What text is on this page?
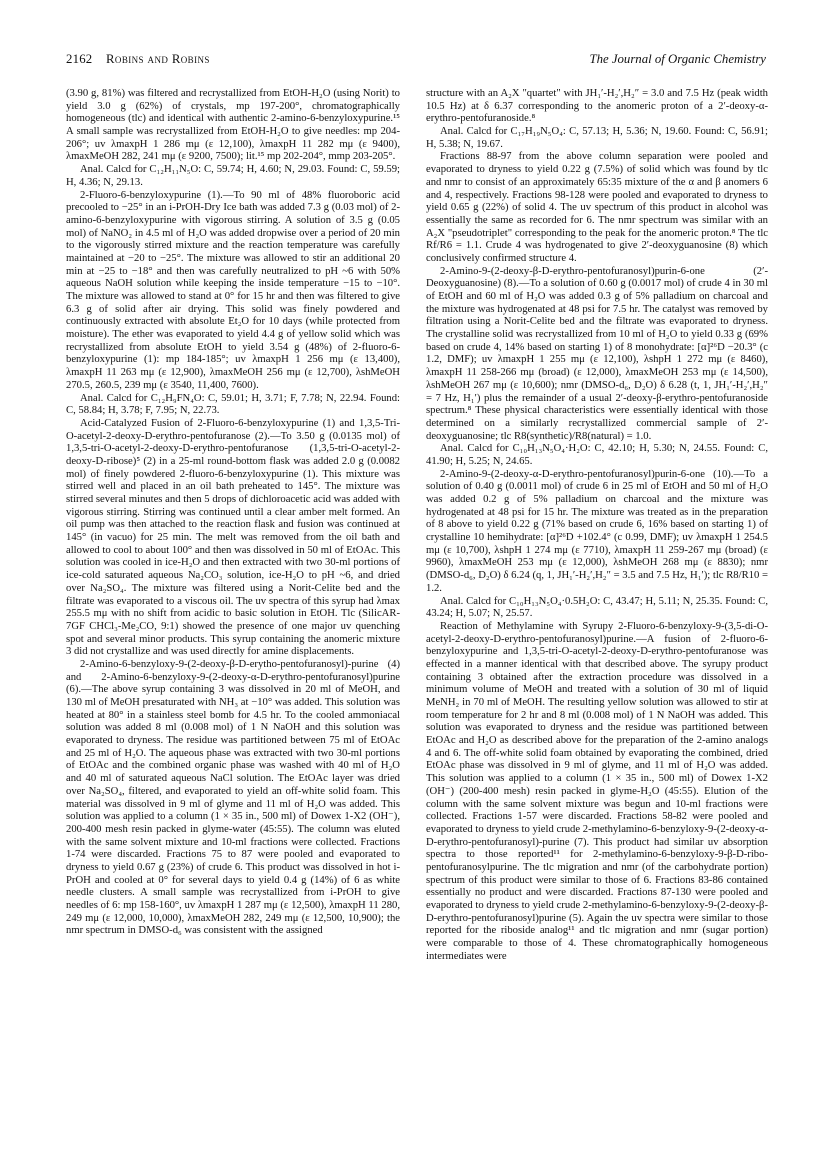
2162 Robins and Robins	The Journal of Organic Chemistry

(3.90 g, 81%) was filtered and recrystallized from EtOH-H₂O (using Norit) to yield 3.0 g (62%) of crystals, mp 197-200°, chromatographically homogeneous (tlc) and identical with authentic 2-amino-6-benzyloxypurine.¹⁵ A small sample was recrystallized from EtOH-H₂O to give needles: mp 204-206°; uv λmaxpH 1 286 mμ (ε 12,100), λmaxpH 11 282 mμ (ε 9400), λmaxMeOH 282, 241 mμ (ε 9200, 7500); lit.¹⁵ mp 202-204°, mmp 203-205°.

Anal. Calcd for C₁₂H₁₁N₅O: C, 59.74; H, 4.60; N, 29.03. Found: C, 59.59; H, 4.36; N, 29.13.

2-Fluoro-6-benzyloxypurine (1).—To 90 ml of 48% fluoroboric acid precooled to −25° in an i-PrOH-Dry Ice bath was added 7.3 g (0.03 mol) of 2-amino-6-benzyloxypurine with vigorous stirring. A solution of 3.5 g (0.05 mol) of NaNO₂ in 4.5 ml of H₂O was added dropwise over a period of 20 min to the vigorously stirred mixture and the reaction temperature was carefully maintained at −20 to −25°. The mixture was allowed to stir an additional 20 min at −25 to −18° and then was carefully neutralized to pH ~6 with 50% aqueous NaOH solution while keeping the inside temperature −15 to −10°. The mixture was allowed to stand at 0° for 15 hr and then was filtered to give 6.3 g of solid after air drying. This solid was finely powdered and continuously extracted with absolute Et₂O for 10 days (while protected from moisture). The ether was evaporated to yield 4.4 g of yellow solid which was recrystallized from absolute EtOH to yield 3.54 g (48%) of 2-fluoro-6-benzyloxypurine (1): mp 184-185°; uv λmaxpH 1 256 mμ (ε 13,400), λmaxpH 11 263 mμ (ε 12,900), λmaxMeOH 256 mμ (ε 12,700), λshMeOH 270.5, 260.5, 239 mμ (ε 3540, 11,400, 7600).

Anal. Calcd for C₁₂H₉FN₄O: C, 59.01; H, 3.71; F, 7.78; N, 22.94. Found: C, 58.84; H, 3.78; F, 7.95; N, 22.73.

Acid-Catalyzed Fusion of 2-Fluoro-6-benzyloxypurine (1) and 1,3,5-Tri-O-acetyl-2-deoxy-D-erythro-pentofuranose (2).—To 3.50 g (0.0135 mol) of 1,3,5-tri-O-acetyl-2-deoxy-D-erythro-pentofuranose (1,3,5-tri-O-acetyl-2-deoxy-D-ribose)⁵ (2) in a 25-ml round-bottom flask was added 2.0 g (0.0082 mol) of finely powdered 2-fluoro-6-benzyloxypurine (1). This mixture was stirred well and placed in an oil bath preheated to 145°. The mixture was stirred several minutes and then 5 drops of dichloroacetic acid was added with vigorous stirring. Stirring was continued until a clear amber melt formed. An oil pump was then attached to the reaction flask and fusion was continued at 145° (in vacuo) for 25 min. The melt was removed from the oil bath and allowed to cool to about 100° and then was dissolved in 50 ml of EtOAc. This solution was cooled in ice-H₂O and then extracted with two 30-ml portions of ice-cold saturated aqueous Na₂CO₃ solution, ice-H₂O to pH ~6, and dried over Na₂SO₄. The mixture was filtered using a Norit-Celite bed and the filtrate was evaporated to a viscous oil. The uv spectra of this syrup had λmax 255.5 mμ with no shift from acidic to basic solution in EtOH. Tlc (SilicAR-7GF CHCl₃-Me₂CO, 9:1) showed the presence of one major uv quenching spot and several minor products. This syrup containing the anomeric mixture 3 did not crystallize and was used directly for amine displacements.

2-Amino-6-benzyloxy-9-(2-deoxy-β-D-erytho-pentofuranosyl)-purine (4) and 2-Amino-6-benzyloxy-9-(2-deoxy-α-D-erythro-pentofuranosyl)purine (6).—The above syrup containing 3 was dissolved in 20 ml of MeOH, and 130 ml of MeOH presaturated with NH₃ at −10° was added. This solution was heated at 80° in a stainless steel bomb for 4.5 hr. To the cooled ammoniacal solution was added 8 ml (0.008 mol) of 1 N NaOH and this solution was evaporated to dryness. The residue was partitioned between 75 ml of EtOAc and 25 ml of H₂O. The aqueous phase was extracted with two 30-ml portions of EtOAc and the combined organic phase was washed with 40 ml of H₂O and 40 ml of saturated aqueous NaCl solution. The EtOAc layer was dried over Na₂SO₄, filtered, and evaporated to yield an off-white solid foam. This material was dissolved in 9 ml of glyme and 11 ml of H₂O was added. This solution was applied to a column (1 × 35 in., 500 ml) of Dowex 1-X2 (OH⁻), 200-400 mesh resin packed in glyme-water (45:55). The column was eluted with the same solvent mixture and 10-ml fractions were collected. Fractions 1-74 were discarded. Fractions 75 to 87 were pooled and evaporated to dryness to yield 0.67 g (23%) of crude 6. This product was dissolved in hot i-PrOH and cooled at 0° for several days to yield 0.4 g (14%) of 6 as white needle clusters. A small sample was recrystallized from i-PrOH to give needles of 6: mp 158-160°, uv λmaxpH 1 287 mμ (ε 12,500), λmaxpH 11 280, 249 mμ (ε 12,000, 10,000), λmaxMeOH 282, 249 mμ (ε 12,500, 10,900); the nmr spectrum in DMSO-d₆ was consistent with the assigned

structure with an A₂X "quartet" with JH₁′-H₂′,H₂″ = 3.0 and 7.5 Hz (peak width 10.5 Hz) at δ 6.37 corresponding to the anomeric proton of a 2′-deoxy-α-erythro-pentofuranoside.⁸

Anal. Calcd for C₁₇H₁₉N₅O₄: C, 57.13; H, 5.36; N, 19.60. Found: C, 56.91; H, 5.38; N, 19.67.

Fractions 88-97 from the above column separation were pooled and evaporated to dryness to yield 0.22 g (7.5%) of solid which was found by tlc and nmr to consist of an approximately 65:35 mixture of the α and β anomers 6 and 4, respectively. Fractions 98-128 were pooled and evaporated to dryness to yield 0.65 g (22%) of solid 4. The uv spectrum of this product in alcohol was essentially the same as recorded for 6. The nmr spectrum was similar with an A₂X "pseudotriplet" corresponding to the peak for the anomeric proton.⁸ The tlc Rf/R6 = 1.1. Crude 4 was hydrogenated to give 2′-deoxyguanosine (8) which conclusively confirmed structure 4.

2-Amino-9-(2-deoxy-β-D-erythro-pentofuranosyl)purin-6-one (2′-Deoxyguanosine) (8).—To a solution of 0.60 g (0.0017 mol) of crude 4 in 30 ml of EtOH and 60 ml of H₂O was added 0.3 g of 5% palladium on charcoal and the mixture was hydrogenated at 48 psi for 7.5 hr. The catalyst was removed by filtration using a Norit-Celite bed and the filtrate was evaporated to dryness. The crystalline solid was recrystallized from 10 ml of H₂O to yield 0.33 g (69% based on crude 4, 14% based on starting 1) of 8 monohydrate: [α]²⁶D −20.3° (c 1.2, DMF); uv λmaxpH 1 255 mμ (ε 12,100), λshpH 1 272 mμ (ε 8460), λmaxpH 11 258-266 mμ (broad) (ε 12,000), λmaxMeOH 253 mμ (ε 14,500), λshMeOH 267 mμ (ε 10,600); nmr (DMSO-d₆, D₂O) δ 6.28 (t, 1, JH₁′-H₂′,H₂″ = 7 Hz, H₁′) plus the remainder of a usual 2′-deoxy-β-erythro-pentofuranoside spectrum.⁸ These physical characteristics were essentially identical with those determined on a similarly recrystallized commercial sample of 2′-deoxyguanosine; tlc R8(synthetic)/R8(natural) = 1.0.

Anal. Calcd for C₁₀H₁₃N₅O₄·H₂O: C, 42.10; H, 5.30; N, 24.55. Found: C, 41.90; H, 5.25; N, 24.65.

2-Amino-9-(2-deoxy-α-D-erythro-pentofuranosyl)purin-6-one (10).—To a solution of 0.40 g (0.0011 mol) of crude 6 in 25 ml of EtOH and 50 ml of H₂O was added 0.2 g of 5% palladium on charcoal and the mixture was hydrogenated at 48 psi for 15 hr. The mixture was treated as in the preparation of 8 above to yield 0.22 g (71% based on crude 6, 16% based on starting 1) of crystalline 10 hemihydrate: [α]²⁶D +102.4° (c 0.99, DMF); uv λmaxpH 1 254.5 mμ (ε 10,700), λshpH 1 274 mμ (ε 7710), λmaxpH 11 259-267 mμ (broad) (ε 9960), λmaxMeOH 253 mμ (ε 12,000), λshMeOH 268 mμ (ε 8830); nmr (DMSO-d₆, D₂O) δ 6.24 (q, 1, JH₁′-H₂′,H₂″ = 3.5 and 7.5 Hz, H₁′); tlc R8/R10 = 1.2.

Anal. Calcd for C₁₀H₁₃N₅O₄·0.5H₂O: C, 43.47; H, 5.11; N, 25.35. Found: C, 43.24; H, 5.07; N, 25.57.

Reaction of Methylamine with Syrupy 2-Fluoro-6-benzyloxy-9-(3,5-di-O-acetyl-2-deoxy-D-erythro-pentofuranosyl)purine.—A fusion of 2-fluoro-6-benzyloxypurine and 1,3,5-tri-O-acetyl-2-deoxy-D-erythro-pentofuranose was effected in a manner identical with that described above. The syrupy product containing 3 obtained after the extraction procedure was dissolved in a minimum volume of MeOH and treated with a solution of 30 ml of liquid MeNH₂ in 70 ml of MeOH. The resulting yellow solution was allowed to stir at room temperature for 2 hr and 8 ml (0.008 mol) of 1 N NaOH was added. This solution was evaporated to dryness and the residue was partitioned between EtOAc and H₂O as described above for the preparation of the 2-amino analogs 4 and 6. The off-white solid foam obtained by evaporating the combined, dried EtOAc phase was dissolved in 9 ml of glyme, and 11 ml of H₂O was added. This solution was applied to a column (1 × 35 in., 500 ml) of Dowex 1-X2 (OH⁻) (200-400 mesh) resin packed in glyme-H₂O (45:55). Elution of the column with the same solvent mixture was begun and 10-ml fractions were collected. Fractions 1-57 were discarded. Fractions 58-82 were pooled and evaporated to dryness to yield crude 2-methylamino-6-benzyloxy-9-(2-deoxy-α-D-erythro-pentofuranosyl)-purine (7). This product had similar uv absorption spectra to those reported¹¹ for 2-methylamino-6-benzyloxy-9-β-D-ribo-pentofuranosylpurine. The tlc migration and nmr (of the carbohydrate portion) spectrum of this product were similar to those of 6. Fractions 83-86 contained essentially no product and were discarded. Fractions 87-130 were pooled and evaporated to dryness to yield crude 2-methylamino-6-benzyloxy-9-(2-deoxy-β-D-erythro-pentofuranosyl)purine (5). Again the uv spectra were similar to those reported for the riboside analog¹¹ and tlc migration and nmr (sugar portion) were comparable to those of 4. These chromatographically homogeneous intermediates were
